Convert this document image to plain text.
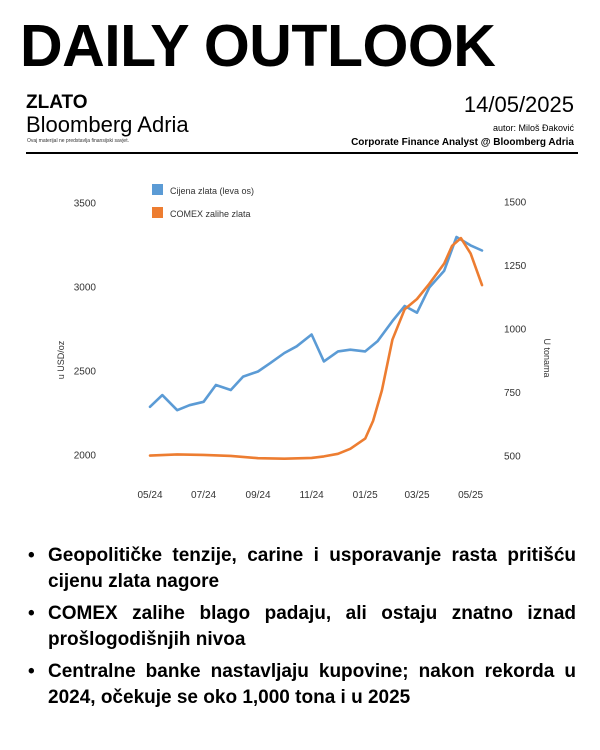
DAILY OUTLOOK
ZLATO
Bloomberg Adria
Ovaj materijal ne predstavlja finansijski savjet.
14/05/2025
autor: Miloš Đaković
Corporate Finance Analyst @ Bloomberg Adria
2000
2500
3000
3500
500
750
1000
1250
1500
05/24	07/24	09/24	11/24	01/25	03/25	05/25
u USD/oz	U tonama
Cijena zlata (leva os)
COMEX zalihe zlata
• Geopolitičke tenzije, carine i usporavanje rasta pritišću cijenu zlata nagore
• COMEX zalihe blago padaju, ali ostaju znatno iznad prošlogodišnjih nivoa
• Centralne banke nastavljaju kupovine; nakon rekorda u 2024, očekuje se oko 1,000 tona i u 2025
